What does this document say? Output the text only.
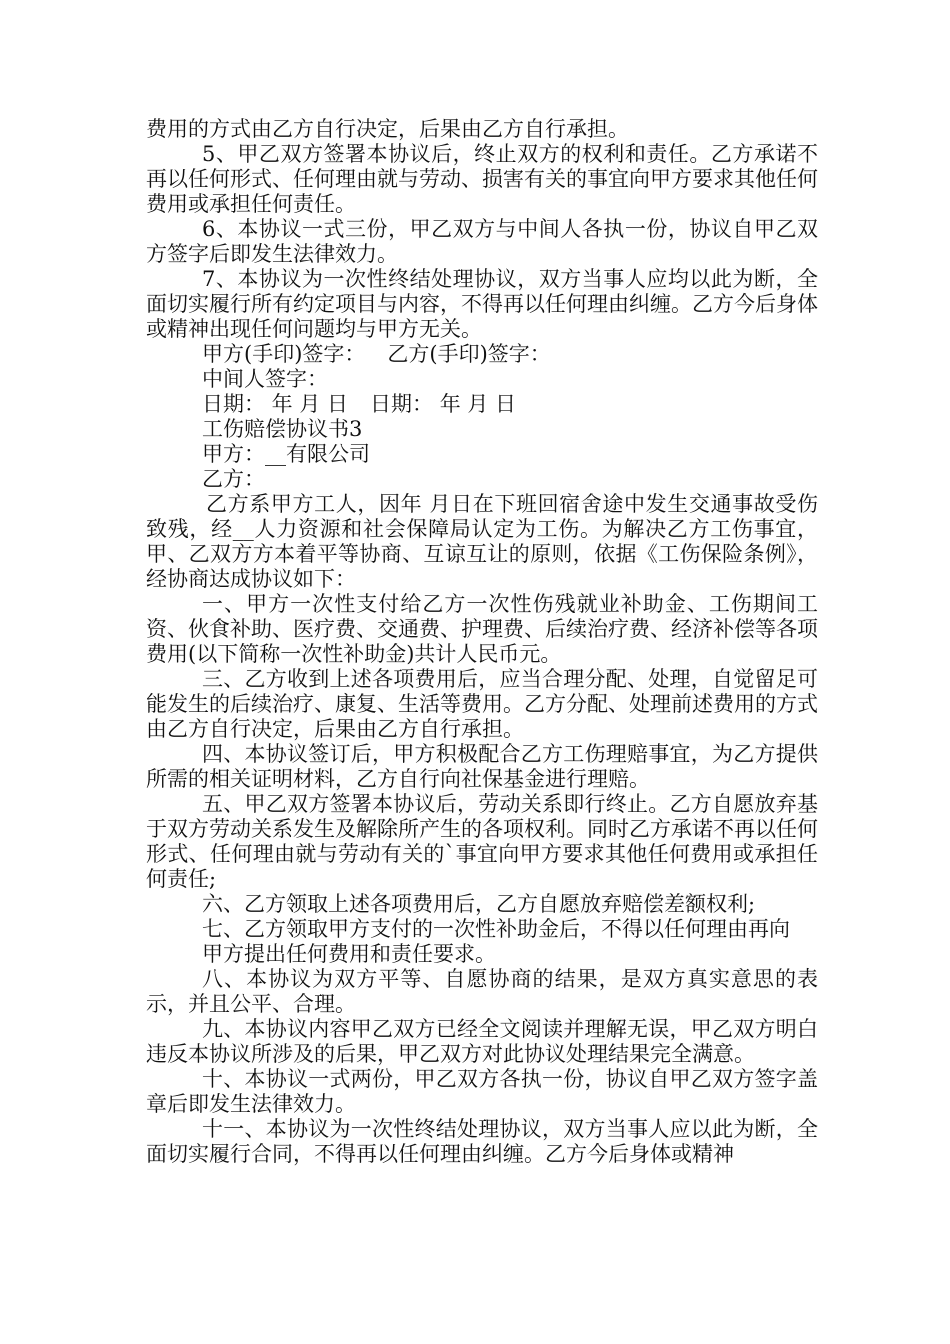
费用的方式由乙方自行决定，后果由乙方自行承担。

5、甲乙双方签署本协议后，终止双方的权利和责任。乙方承诺不再以任何形式、任何理由就与劳动、损害有关的事宜向甲方要求其他任何费用或承担任何责任。

6、本协议一式三份，甲乙双方与中间人各执一份，协议自甲乙双方签字后即发生法律效力。

7、本协议为一次性终结处理协议，双方当事人应均以此为断，全面切实履行所有约定项目与内容，不得再以任何理由纠缠。乙方今后身体或精神出现任何问题均与甲方无关。

甲方(手印)签字： 乙方(手印)签字：
中间人签字：
日期： 年 月 日 日期： 年 月 日
工伤赔偿协议书3
甲方：__有限公司
乙方：

乙方系甲方工人，因年 月日在下班回宿舍途中发生交通事故受伤致残，经__人力资源和社会保障局认定为工伤。为解决乙方工伤事宜，甲、乙双方方本着平等协商、互谅互让的原则，依据《工伤保险条例》，经协商达成协议如下：

一、甲方一次性支付给乙方一次性伤残就业补助金、工伤期间工资、伙食补助、医疗费、交通费、护理费、后续治疗费、经济补偿等各项费用(以下简称一次性补助金)共计人民币元。

三、乙方收到上述各项费用后，应当合理分配、处理，自觉留足可能发生的后续治疗、康复、生活等费用。乙方分配、处理前述费用的方式由乙方自行决定，后果由乙方自行承担。

四、本协议签订后，甲方积极配合乙方工伤理赔事宜，为乙方提供所需的相关证明材料，乙方自行向社保基金进行理赔。

五、甲乙双方签署本协议后，劳动关系即行终止。乙方自愿放弃基于双方劳动关系发生及解除所产生的各项权利。同时乙方承诺不再以任何形式、任何理由就与劳动有关的`事宜向甲方要求其他任何费用或承担任何责任;

六、乙方领取上述各项费用后，乙方自愿放弃赔偿差额权利;

七、乙方领取甲方支付的一次性补助金后，不得以任何理由再向

甲方提出任何费用和责任要求。

八、本协议为双方平等、自愿协商的结果，是双方真实意思的表示，并且公平、合理。

九、本协议内容甲乙双方已经全文阅读并理解无误，甲乙双方明白违反本协议所涉及的后果，甲乙双方对此协议处理结果完全满意。

十、本协议一式两份，甲乙双方各执一份，协议自甲乙双方签字盖章后即发生法律效力。

十一、本协议为一次性终结处理协议，双方当事人应以此为断，全面切实履行合同，不得再以任何理由纠缠。乙方今后身体或精神
